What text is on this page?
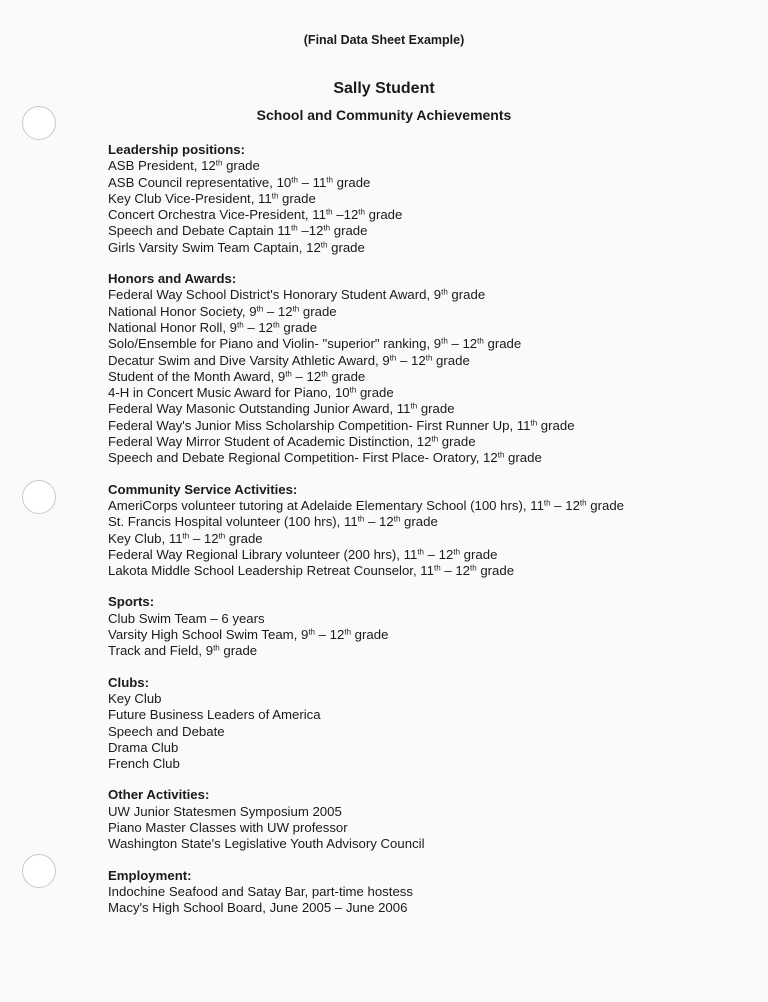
(Final Data Sheet Example)
Sally Student
School and Community Achievements
Leadership positions:
ASB President, 12th grade
ASB Council representative, 10th – 11th grade
Key Club Vice-President, 11th grade
Concert Orchestra Vice-President, 11th –12th grade
Speech and Debate Captain 11th –12th grade
Girls Varsity Swim Team Captain, 12th grade
Honors and Awards:
Federal Way School District's Honorary Student Award, 9th grade
National Honor Society, 9th – 12th grade
National Honor Roll, 9th – 12th grade
Solo/Ensemble for Piano and Violin- "superior" ranking, 9th – 12th grade
Decatur Swim and Dive Varsity Athletic Award, 9th – 12th grade
Student of the Month Award, 9th – 12th grade
4-H in Concert Music Award for Piano, 10th grade
Federal Way Masonic Outstanding Junior Award, 11th grade
Federal Way's Junior Miss Scholarship Competition- First Runner Up, 11th grade
Federal Way Mirror Student of Academic Distinction, 12th grade
Speech and Debate Regional Competition- First Place- Oratory, 12th grade
Community Service Activities:
AmeriCorps volunteer tutoring at Adelaide Elementary School (100 hrs), 11th – 12th grade
St. Francis Hospital volunteer (100 hrs), 11th – 12th grade
Key Club, 11th – 12th grade
Federal Way Regional Library volunteer (200 hrs), 11th – 12th grade
Lakota Middle School Leadership Retreat Counselor, 11th – 12th grade
Sports:
Club Swim Team – 6 years
Varsity High School Swim Team, 9th – 12th grade
Track and Field, 9th grade
Clubs:
Key Club
Future Business Leaders of America
Speech and Debate
Drama Club
French Club
Other Activities:
UW Junior Statesmen Symposium 2005
Piano Master Classes with UW professor
Washington State's Legislative Youth Advisory Council
Employment:
Indochine Seafood and Satay Bar, part-time hostess
Macy's High School Board, June 2005 – June 2006
